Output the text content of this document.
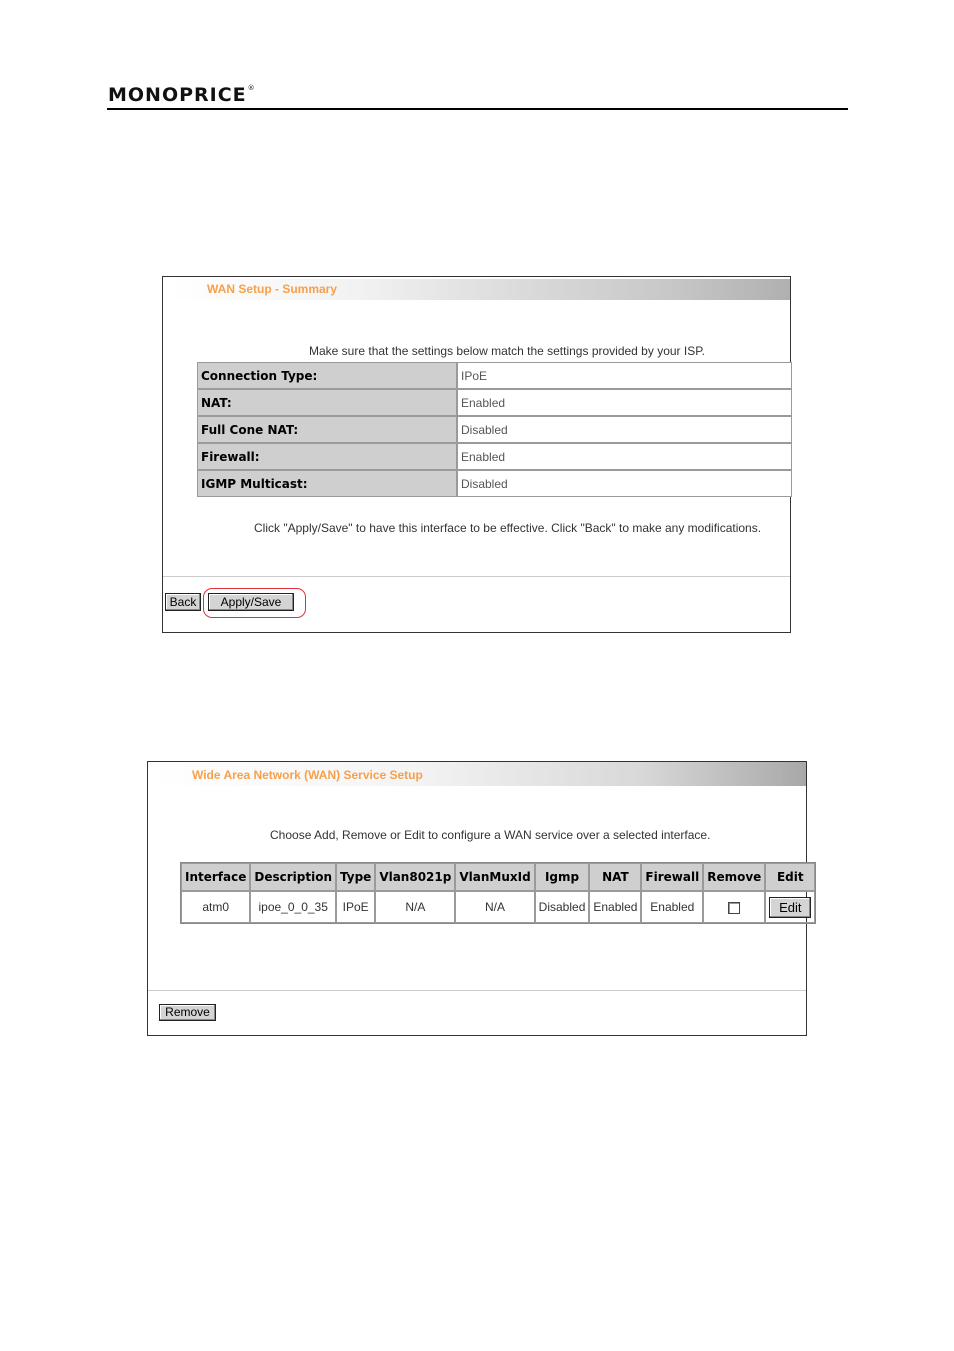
MONOPRICE®
WAN Setup - Summary
Make sure that the settings below match the settings provided by your ISP.
Connection Type:	IPoE
NAT:	Enabled
Full Cone NAT:	Disabled
Firewall:	Enabled
IGMP Multicast:	Disabled
Click "Apply/Save" to have this interface to be effective. Click "Back" to make any modifications.
Back	Apply/Save
Wide Area Network (WAN) Service Setup
Choose Add, Remove or Edit to configure a WAN service over a selected interface.
Interface	Description	Type	Vlan8021p	VlanMuxId	Igmp	NAT	Firewall	Remove	Edit
atm0	ipoe_0_0_35	IPoE	N/A	N/A	Disabled	Enabled	Enabled		Edit
Remove
